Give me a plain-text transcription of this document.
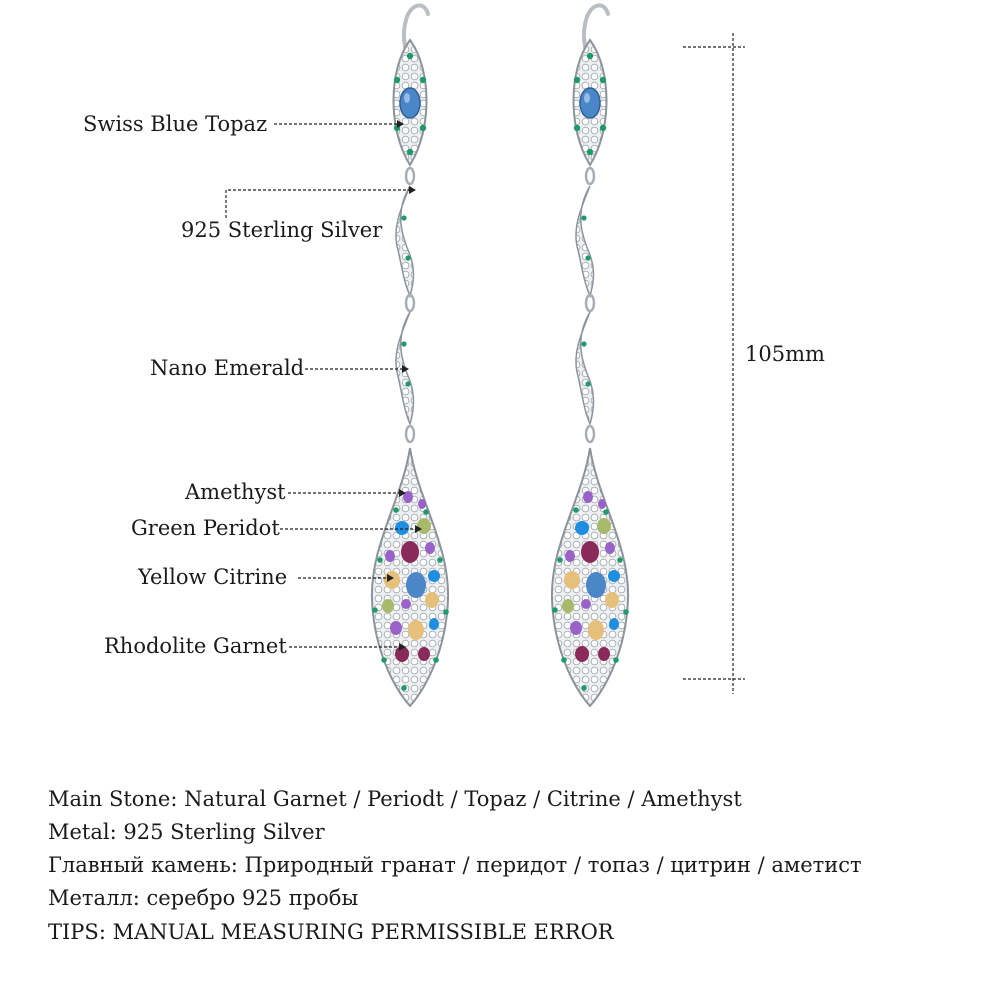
Swiss Blue Topaz
925 Sterling Silver
Nano Emerald
Amethyst
Green Peridot
Yellow Citrine
Rhodolite Garnet
105mm
Main Stone: Natural Garnet / Periodt / Topaz / Citrine / Amethyst
Metal: 925 Sterling Silver
Главный камень: Природный гранат / перидот / топаз / цитрин / аметист
Металл: серебро 925 пробы
TIPS: MANUAL MEASURING PERMISSIBLE ERROR
